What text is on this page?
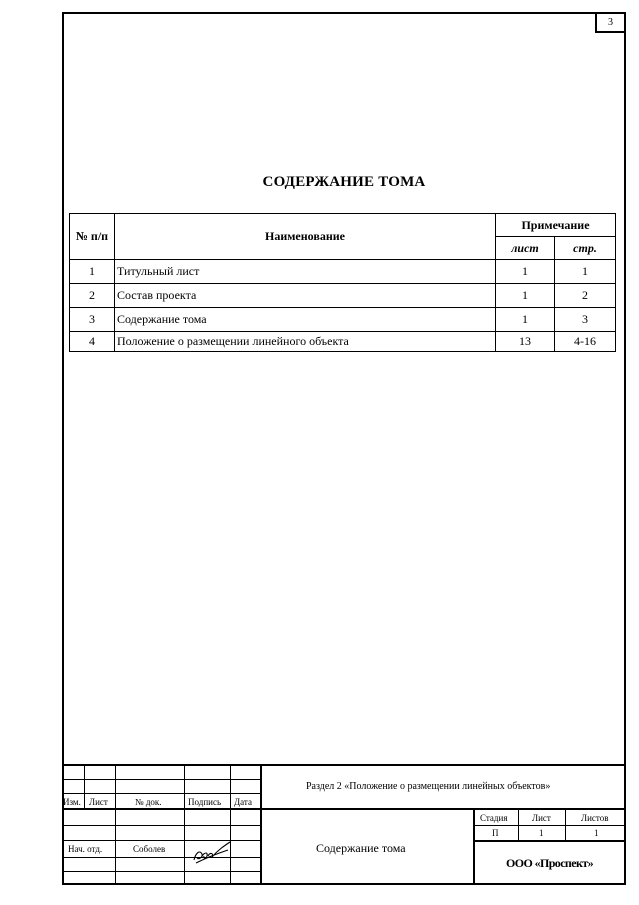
3
СОДЕРЖАНИЕ ТОМА
№ п/п	Наименование	Примечание	
		лист	стр.
1	Титульный лист	1	1
2	Состав проекта	1	2
3	Содержание тома	1	3
4	Положение о размещении линейного объекта	13	4-16
Изм. Лист	№ док.	Подпись Дата
Раздел 2 «Положение о размещении линейных объектов»
Нач. отд.	Соболев	Содержание тома
Стадия	Лист	Листов
П	1	1
ООО «Проспект»
